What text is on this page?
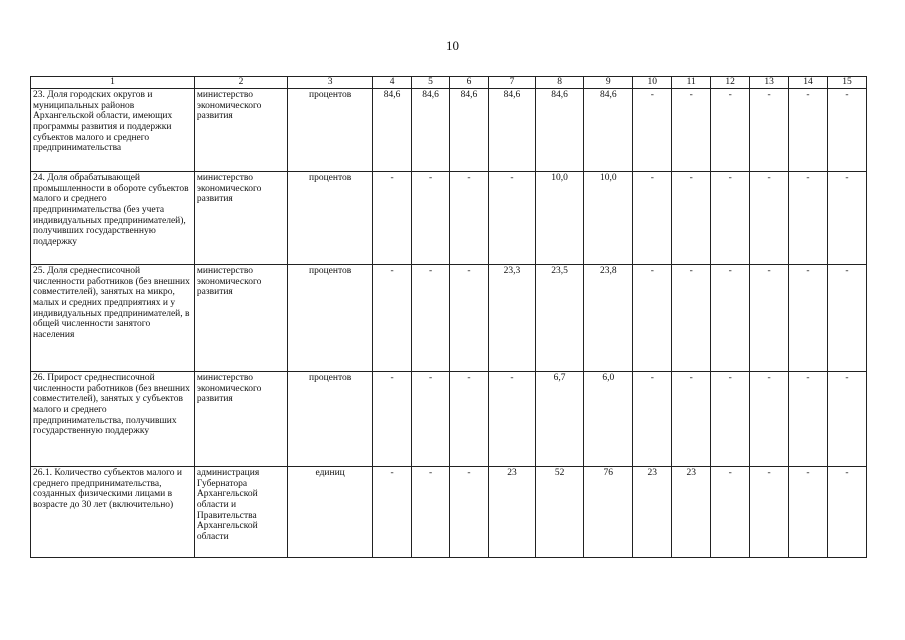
10
1	2	3	4	5	6	7	8	9	10	11	12	13	14	15
23. Доля городских округов и муниципальных районов Архангельской области, имеющих программы развития и поддержки субъектов малого и среднего предпринимательства	министерство экономического развития	процентов	84,6	84,6	84,6	84,6	84,6	84,6	-	-	-	-	-	-
24. Доля обрабатывающей промышленности в обороте субъектов малого и среднего предпринимательства (без учета индивидуальных предпринимателей), получивших государственную поддержку	министерство экономического развития	процентов	-	-	-	-	10,0	10,0	-	-	-	-	-	-
25. Доля среднесписочной численности работников (без внешних совместителей), занятых на микро, малых и средних предприятиях и у индивидуальных предпринимателей, в общей численности занятого населения	министерство экономического развития	процентов	-	-	-	23,3	23,5	23,8	-	-	-	-	-	-
26. Прирост среднесписочной численности работников (без внешних совместителей), занятых у субъектов малого и среднего предпринимательства, получивших государственную поддержку	министерство экономического развития	процентов	-	-	-	-	6,7	6,0	-	-	-	-	-	-
26.1. Количество субъектов малого и среднего предпринимательства, созданных физическими лицами в возрасте до 30 лет (включительно)	администрация Губернатора Архангельской области и Правительства Архангельской области	единиц	-	-	-	23	52	76	23	23	-	-	-	-
